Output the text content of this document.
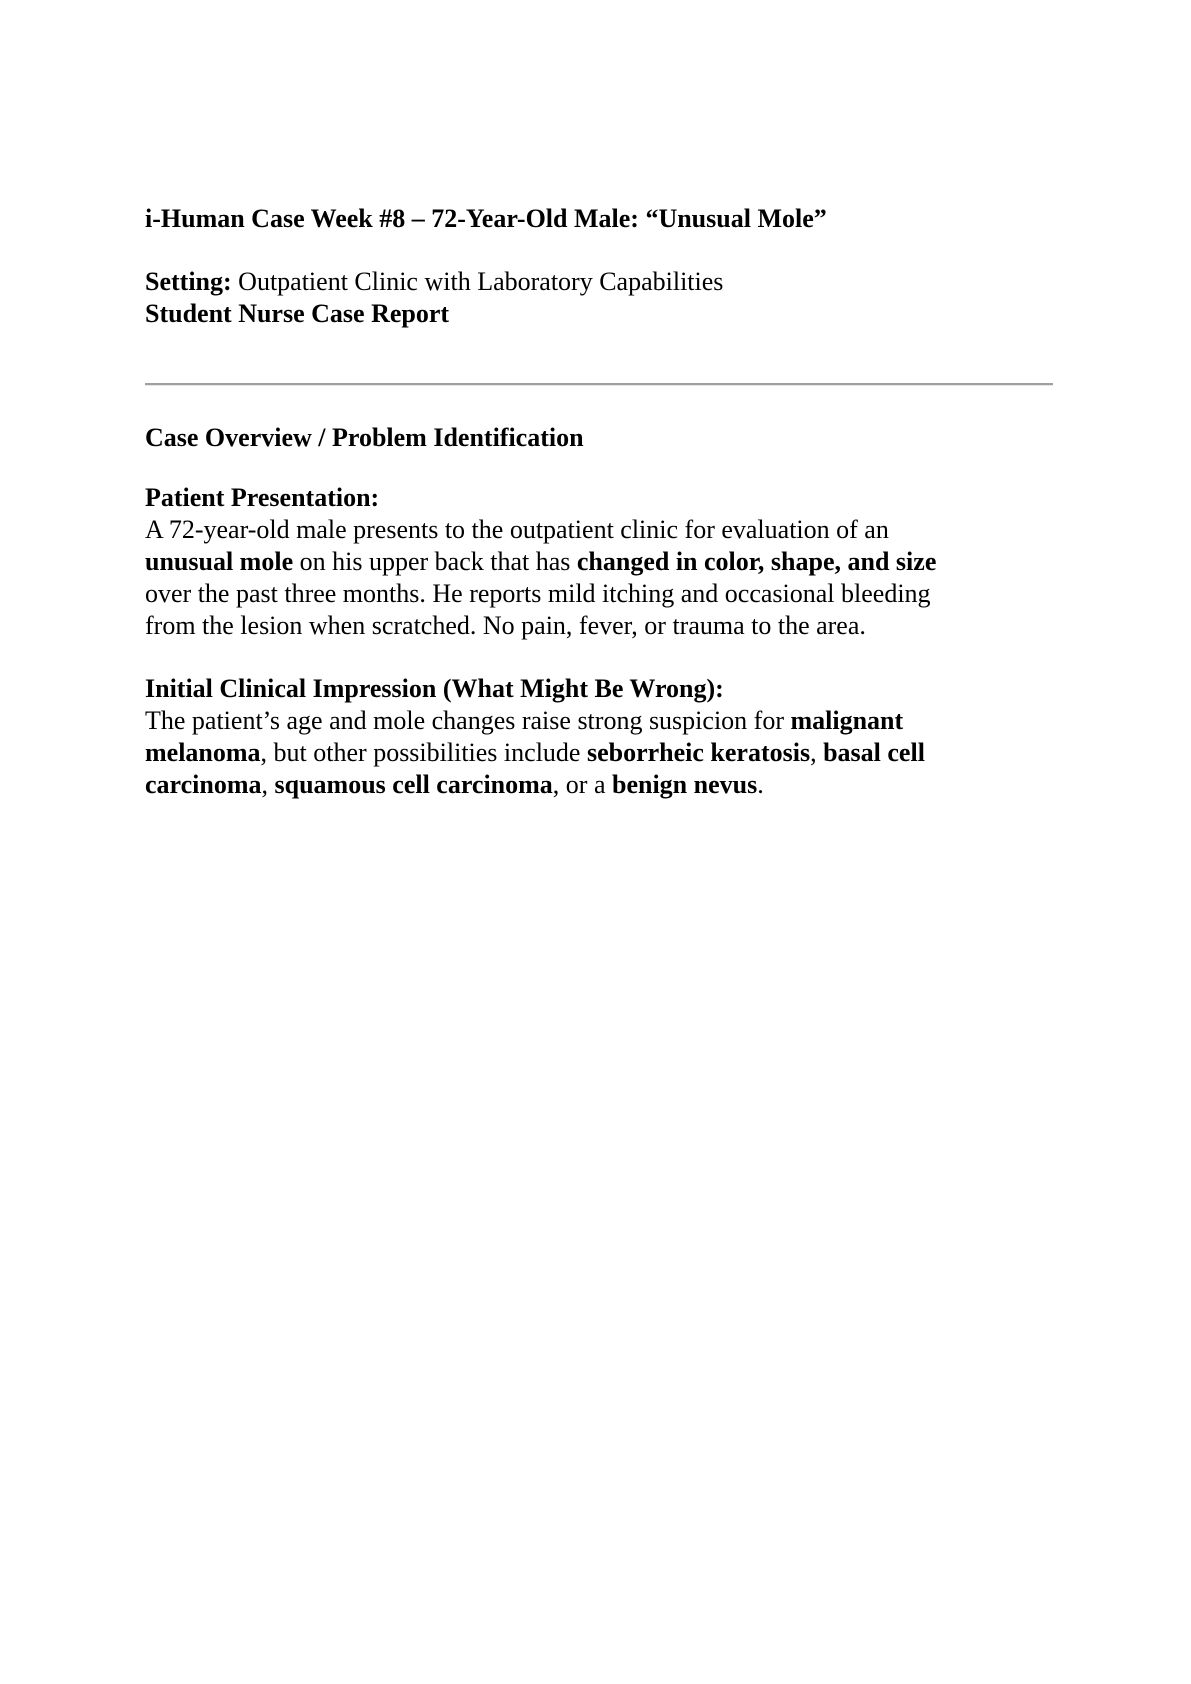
i-Human Case Week #8 – 72-Year-Old Male: “Unusual Mole”
Setting: Outpatient Clinic with Laboratory Capabilities
Student Nurse Case Report
Case Overview / Problem Identification
Patient Presentation:
A 72-year-old male presents to the outpatient clinic for evaluation of an
unusual mole on his upper back that has changed in color, shape, and size
over the past three months. He reports mild itching and occasional bleeding
from the lesion when scratched. No pain, fever, or trauma to the area.
Initial Clinical Impression (What Might Be Wrong):
The patient’s age and mole changes raise strong suspicion for malignant
melanoma, but other possibilities include seborrheic keratosis, basal cell
carcinoma, squamous cell carcinoma, or a benign nevus.
